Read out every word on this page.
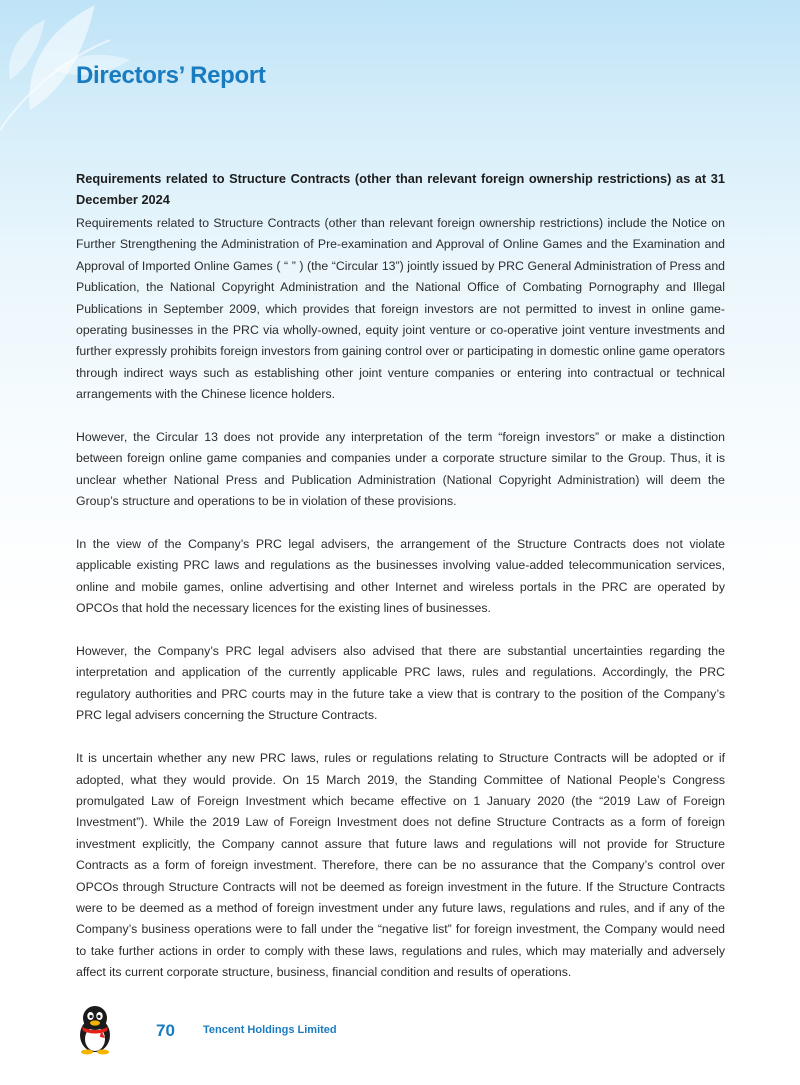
Directors’ Report
Requirements related to Structure Contracts (other than relevant foreign ownership restrictions) as at 31 December 2024

Requirements related to Structure Contracts (other than relevant foreign ownership restrictions) include the Notice on Further Strengthening the Administration of Pre-examination and Approval of Online Games and the Examination and Approval of Imported Online Games ( “ ” ) (the “Circular 13”) jointly issued by PRC General Administration of Press and Publication, the National Copyright Administration and the National Office of Combating Pornography and Illegal Publications in September 2009, which provides that foreign investors are not permitted to invest in online game-operating businesses in the PRC via wholly-owned, equity joint venture or co-operative joint venture investments and further expressly prohibits foreign investors from gaining control over or participating in domestic online game operators through indirect ways such as establishing other joint venture companies or entering into contractual or technical arrangements with the Chinese licence holders.

However, the Circular 13 does not provide any interpretation of the term “foreign investors” or make a distinction between foreign online game companies and companies under a corporate structure similar to the Group. Thus, it is unclear whether National Press and Publication Administration (National Copyright Administration) will deem the Group’s structure and operations to be in violation of these provisions.

In the view of the Company’s PRC legal advisers, the arrangement of the Structure Contracts does not violate applicable existing PRC laws and regulations as the businesses involving value-added telecommunication services, online and mobile games, online advertising and other Internet and wireless portals in the PRC are operated by OPCOs that hold the necessary licences for the existing lines of businesses.

However, the Company’s PRC legal advisers also advised that there are substantial uncertainties regarding the interpretation and application of the currently applicable PRC laws, rules and regulations. Accordingly, the PRC regulatory authorities and PRC courts may in the future take a view that is contrary to the position of the Company’s PRC legal advisers concerning the Structure Contracts.

It is uncertain whether any new PRC laws, rules or regulations relating to Structure Contracts will be adopted or if adopted, what they would provide. On 15 March 2019, the Standing Committee of National People’s Congress promulgated Law of Foreign Investment which became effective on 1 January 2020 (the “2019 Law of Foreign Investment”). While the 2019 Law of Foreign Investment does not define Structure Contracts as a form of foreign investment explicitly, the Company cannot assure that future laws and regulations will not provide for Structure Contracts as a form of foreign investment. Therefore, there can be no assurance that the Company’s control over OPCOs through Structure Contracts will not be deemed as foreign investment in the future. If the Structure Contracts were to be deemed as a method of foreign investment under any future laws, regulations and rules, and if any of the Company’s business operations were to fall under the “negative list” for foreign investment, the Company would need to take further actions in order to comply with these laws, regulations and rules, which may materially and adversely affect its current corporate structure, business, financial condition and results of operations.

70	Tencent Holdings Limited
